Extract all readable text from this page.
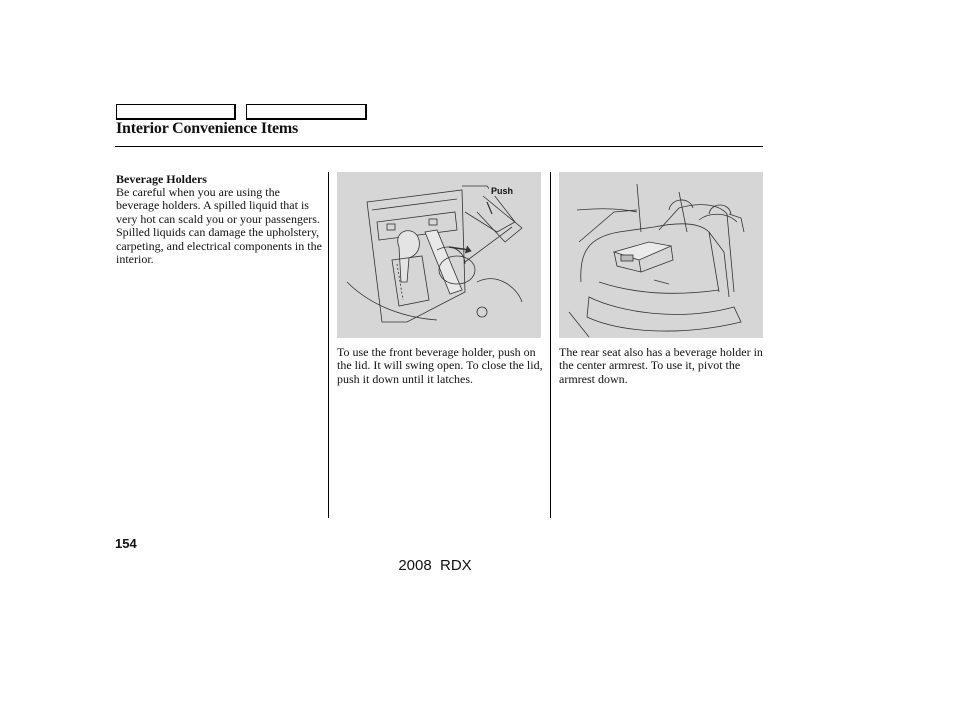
Interior Convenience Items
Beverage Holders
Be careful when you are using the beverage holders. A spilled liquid that is very hot can scald you or your passengers. Spilled liquids can damage the upholstery, carpeting, and electrical components in the interior.
Push
To use the front beverage holder, push on the lid. It will swing open. To close the lid, push it down until it latches.
The rear seat also has a beverage holder in the center armrest. To use it, pivot the armrest down.
154
2008  RDX
